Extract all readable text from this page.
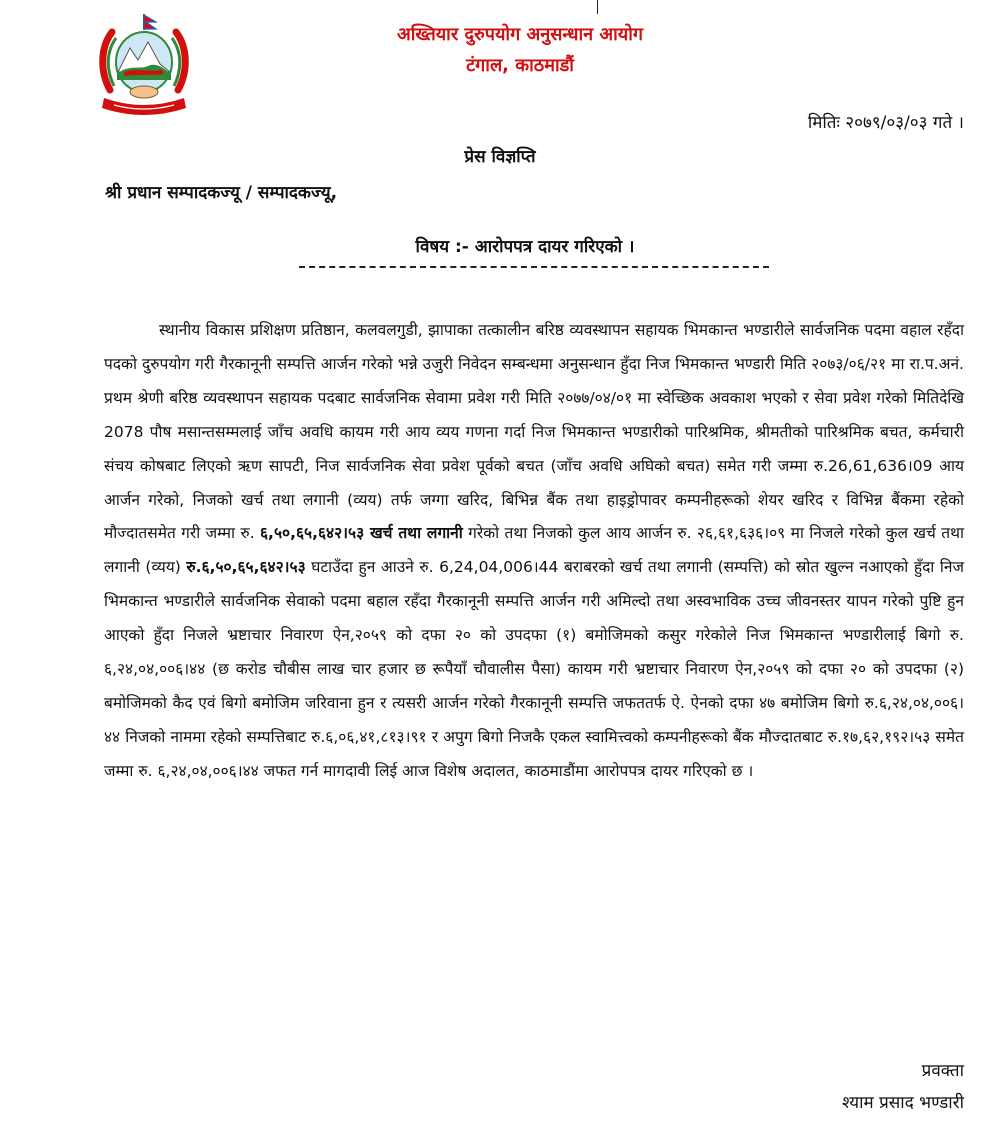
अख्तियार दुरुपयोग अनुसन्धान आयोग
टंगाल, काठमाडौं
मितिः २०७९/०३/०३ गते ।
प्रेस विज्ञप्ति
श्री प्रधान सम्पादकज्यू / सम्पादकज्यू,
विषय :- आरोपपत्र दायर गरिएको ।

स्थानीय विकास प्रशिक्षण प्रतिष्ठान, कलवलगुडी, झापाका तत्कालीन बरिष्ठ व्यवस्थापन सहायक भिमकान्त भण्डारीले सार्वजनिक पदमा वहाल रहँदा पदको दुरुपयोग गरी गैरकानूनी सम्पत्ति आर्जन गरेको भन्ने उजुरी निवेदन सम्बन्धमा अनुसन्धान हुँदा निज भिमकान्त भण्डारी मिति २०७३/०६/२१ मा रा.प.अनं. प्रथम श्रेणी बरिष्ठ व्यवस्थापन सहायक पदबाट सार्वजनिक सेवामा प्रवेश गरी मिति २०७७/०४/०१ मा स्वेच्छिक अवकाश भएको र सेवा प्रवेश गरेको मितिदेखि 2078 पौष मसान्तसम्मलाई जाँच अवधि कायम गरी आय व्यय गणना गर्दा निज भिमकान्त भण्डारीको पारिश्रमिक, श्रीमतीको पारिश्रमिक बचत, कर्मचारी संचय कोषबाट लिएको ऋण सापटी, निज सार्वजनिक सेवा प्रवेश पूर्वको बचत (जाँच अवधि अघिको बचत) समेत गरी जम्मा रु.26,61,636।09 आय आर्जन गरेको, निजको खर्च तथा लगानी (व्यय) तर्फ जग्गा खरिद, बिभिन्न बैंक तथा हाइड्रोपावर कम्पनीहरूको शेयर खरिद र विभिन्न बैंकमा रहेको मौज्दातसमेत गरी जम्मा रु. ६,५०,६५,६४२।५३ खर्च तथा लगानी गरेको तथा निजको कुल आय आर्जन रु. २६,६१,६३६।०९ मा निजले गरेको कुल खर्च तथा लगानी (व्यय) रु.६,५०,६५,६४२।५३ घटाउँदा हुन आउने रु. 6,24,04,006।44 बराबरको खर्च तथा लगानी (सम्पत्ति) को स्रोत खुल्न नआएको हुँदा निज भिमकान्त भण्डारीले सार्वजनिक सेवाको पदमा बहाल रहँदा गैरकानूनी सम्पत्ति आर्जन गरी अमिल्दो तथा अस्वभाविक उच्च जीवनस्तर यापन गरेको पुष्टि हुन आएको हुँदा निजले भ्रष्टाचार निवारण ऐन,२०५९ को दफा २० को उपदफा (१) बमोजिमको कसुर गरेकोले निज भिमकान्त भण्डारीलाई बिगो रु. ६,२४,०४,००६।४४ (छ करोड चौबीस लाख चार हजार छ रूपैयाँ चौवालीस पैसा) कायम गरी भ्रष्टाचार निवारण ऐन,२०५९ को दफा २० को उपदफा (२) बमोजिमको कैद एवं बिगो बमोजिम जरिवाना हुन र त्यसरी आर्जन गरेको गैरकानूनी सम्पत्ति जफततर्फ ऐ. ऐनको दफा ४७ बमोजिम बिगो रु.६,२४,०४,००६।४४ निजको नाममा रहेको सम्पत्तिबाट रु.६,०६,४१,८१३।९१ र अपुग बिगो निजकै एकल स्वामित्त्वको कम्पनीहरूको बैंक मौज्दातबाट रु.१७,६२,१९२।५३ समेत जम्मा रु. ६,२४,०४,००६।४४ जफत गर्न मागदावी लिई आज विशेष अदालत, काठमाडौंमा आरोपपत्र दायर गरिएको छ ।

प्रवक्ता
श्याम प्रसाद भण्डारी
